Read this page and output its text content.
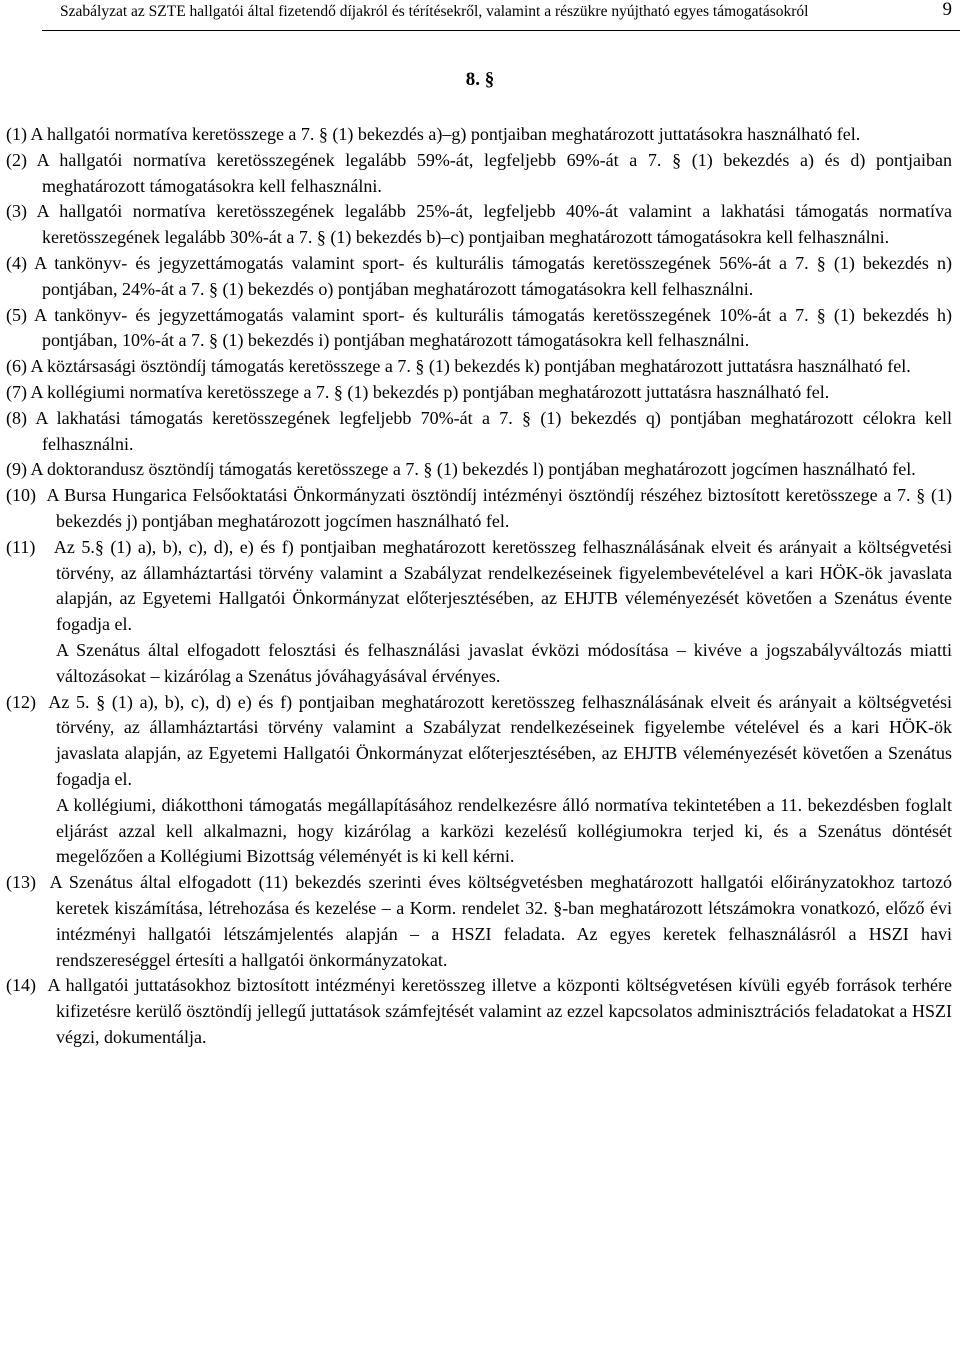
Szabályzat az SZTE hallgatói által fizetendő díjakról és térítésekről, valamint a részükre nyújtható egyes támogatásokról	9
8. §

(1) A hallgatói normatíva keretösszege a 7. § (1) bekezdés a)–g) pontjaiban meghatározott juttatásokra használható fel.

(2) A hallgatói normatíva keretösszegének legalább 59%-át, legfeljebb 69%-át a 7. § (1) bekezdés a) és d) pontjaiban meghatározott támogatásokra kell felhasználni.

(3) A hallgatói normatíva keretösszegének legalább 25%-át, legfeljebb 40%-át valamint a lakhatási támogatás normatíva keretösszegének legalább 30%-át a 7. § (1) bekezdés b)–c) pontjaiban meghatározott támogatásokra kell felhasználni.

(4) A tankönyv- és jegyzettámogatás valamint sport- és kulturális támogatás keretösszegének 56%-át a 7. § (1) bekezdés n) pontjában, 24%-át a 7. § (1) bekezdés o) pontjában meghatározott támogatásokra kell felhasználni.

(5) A tankönyv- és jegyzettámogatás valamint sport- és kulturális támogatás keretösszegének 10%-át a 7. § (1) bekezdés h) pontjában, 10%-át a 7. § (1) bekezdés i) pontjában meghatározott támogatásokra kell felhasználni.

(6) A köztársasági ösztöndíj támogatás keretösszege a 7. § (1) bekezdés k) pontjában meghatározott juttatásra használható fel.

(7) A kollégiumi normatíva keretösszege a 7. § (1) bekezdés p) pontjában meghatározott juttatásra használható fel.

(8) A lakhatási támogatás keretösszegének legfeljebb 70%-át a 7. § (1) bekezdés q) pontjában meghatározott célokra kell felhasználni.

(9) A doktorandusz ösztöndíj támogatás keretösszege a 7. § (1) bekezdés l) pontjában meghatározott jogcímen használható fel.

(10) A Bursa Hungarica Felsőoktatási Önkormányzati ösztöndíj intézményi ösztöndíj részéhez biztosított keretösszege a 7. § (1) bekezdés j) pontjában meghatározott jogcímen használható fel.

(11) Az 5.§ (1) a), b), c), d), e) és f) pontjaiban meghatározott keretösszeg felhasználásának elveit és arányait a költségvetési törvény, az államháztartási törvény valamint a Szabályzat rendelkezéseinek figyelembevételével a kari HÖK-ök javaslata alapján, az Egyetemi Hallgatói Önkormányzat előterjesztésében, az EHJTB véleményezését követően a Szenátus évente fogadja el.

A Szenátus által elfogadott felosztási és felhasználási javaslat évközi módosítása – kivéve a jogszabályváltozás miatti változásokat – kizárólag a Szenátus jóváhagyásával érvényes.

(12) Az 5. § (1) a), b), c), d) e) és f) pontjaiban meghatározott keretösszeg felhasználásának elveit és arányait a költségvetési törvény, az államháztartási törvény valamint a Szabályzat rendelkezéseinek figyelembe vételével és a kari HÖK-ök javaslata alapján, az Egyetemi Hallgatói Önkormányzat előterjesztésében, az EHJTB véleményezését követően a Szenátus fogadja el.

A kollégiumi, diákotthoni támogatás megállapításához rendelkezésre álló normatíva tekintetében a 11. bekezdésben foglalt eljárást azzal kell alkalmazni, hogy kizárólag a karközi kezelésű kollégiumokra terjed ki, és a Szenátus döntését megelőzően a Kollégiumi Bizottság véleményét is ki kell kérni.

(13) A Szenátus által elfogadott (11) bekezdés szerinti éves költségvetésben meghatározott hallgatói előirányzatokhoz tartozó keretek kiszámítása, létrehozása és kezelése – a Korm. rendelet 32. §-ban meghatározott létszámokra vonatkozó, előző évi intézményi hallgatói létszámjelentés alapján – a HSZI feladata. Az egyes keretek felhasználásról a HSZI havi rendszereséggel értesíti a hallgatói önkormányzatokat.

(14) A hallgatói juttatásokhoz biztosított intézményi keretösszeg illetve a központi költségvetésen kívüli egyéb források terhére kifizetésre kerülő ösztöndíj jellegű juttatások számfejtését valamint az ezzel kapcsolatos adminisztrációs feladatokat a HSZI végzi, dokumentálja.
